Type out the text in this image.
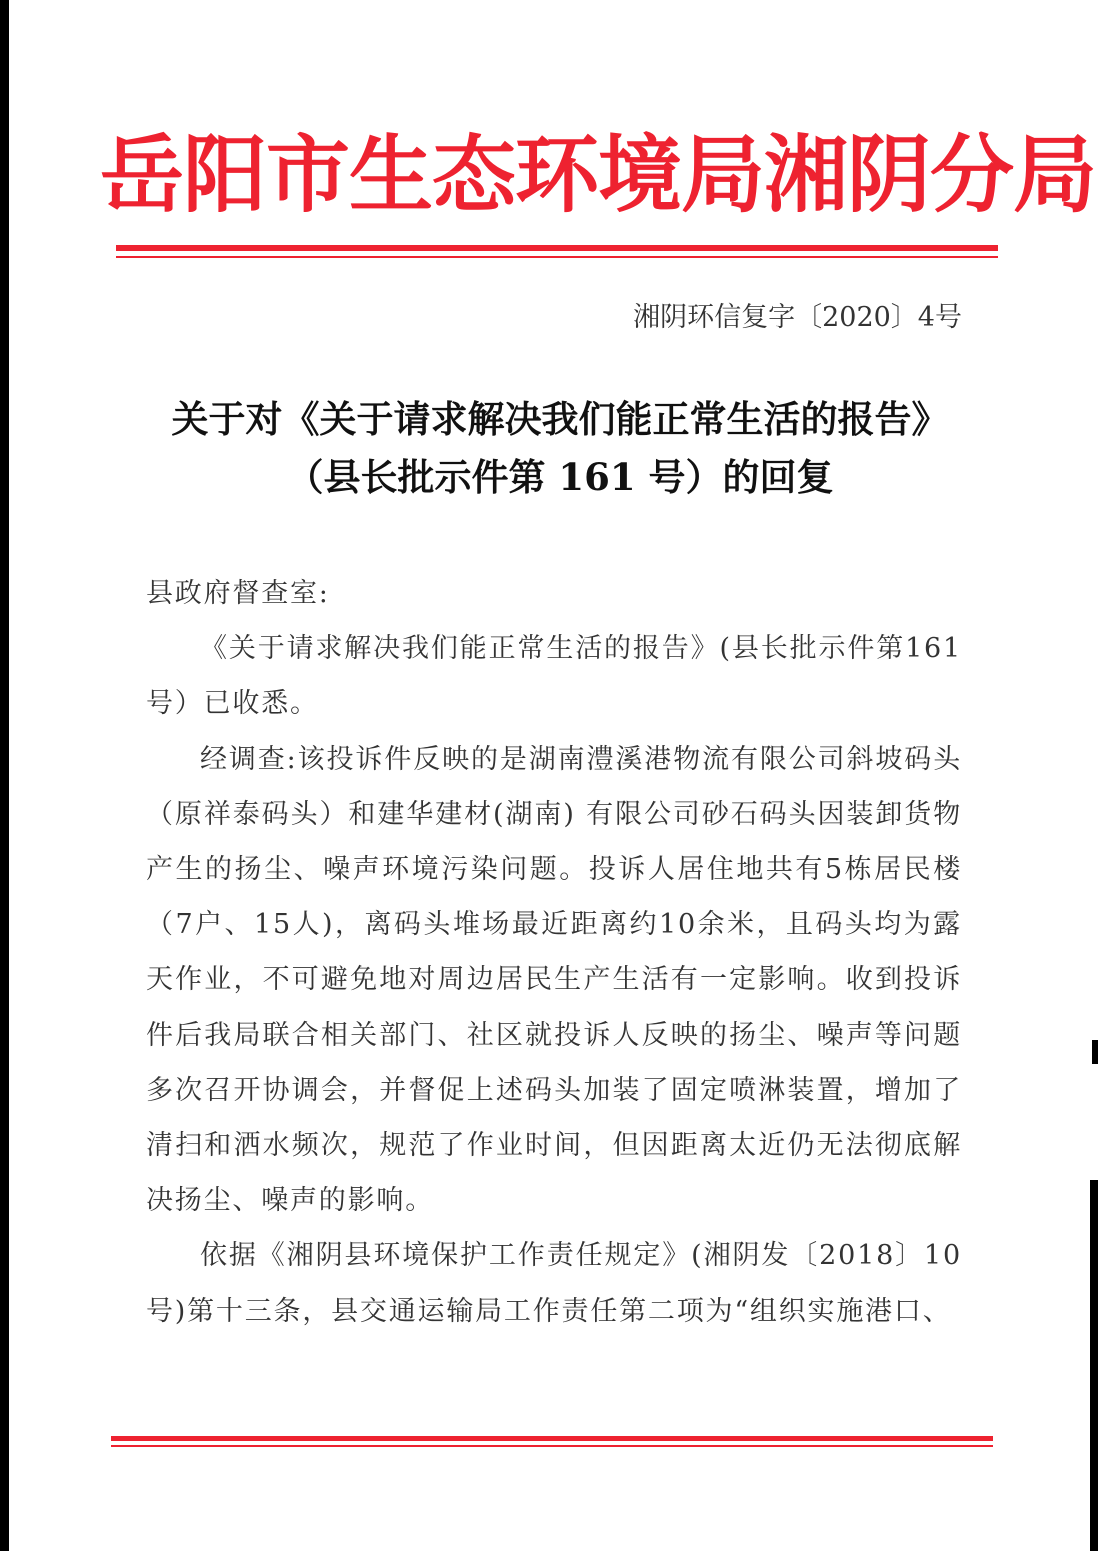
岳阳市生态环境局湘阴分局
湘阴环信复字〔2020〕4号
关于对《关于请求解决我们能正常生活的报告》
（县长批示件第 161 号）的回复

县政府督查室:

《关于请求解决我们能正常生活的报告》(县长批示件第161号）已收悉。

经调查:该投诉件反映的是湖南澧溪港物流有限公司斜坡码头（原祥泰码头）和建华建材(湖南) 有限公司砂石码头因装卸货物产生的扬尘、噪声环境污染问题。投诉人居住地共有5栋居民楼（7户、15人)，离码头堆场最近距离约10余米，且码头均为露天作业，不可避免地对周边居民生产生活有一定影响。收到投诉件后我局联合相关部门、社区就投诉人反映的扬尘、噪声等问题多次召开协调会，并督促上述码头加装了固定喷淋装置，增加了清扫和洒水频次，规范了作业时间，但因距离太近仍无法彻底解决扬尘、噪声的影响。

依据《湘阴县环境保护工作责任规定》(湘阴发〔2018〕10号)第十三条，县交通运输局工作责任第二项为“组织实施港口、
